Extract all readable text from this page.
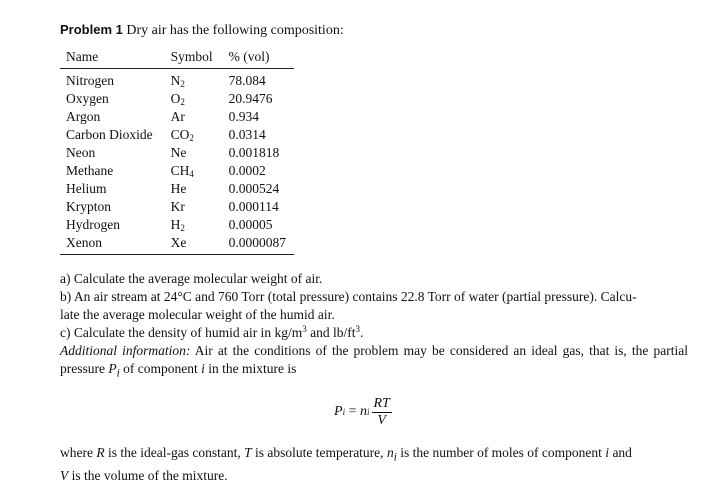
Problem 1 Dry air has the following composition:
Name	Symbol	% (vol)
Nitrogen	$N_2$	78.084
Oxygen	$O_2$	20.9476
Argon	Ar	0.934
Carbon Dioxide	$CO_2$	0.0314
Neon	Ne	0.001818
Methane	$CH_4$	0.0002
Helium	He	0.000524
Krypton	Kr	0.000114
Hydrogen	$H_2$	0.00005
Xenon	Xe	0.0000087
a) Calculate the average molecular weight of air.
b) An air stream at 24°C and 760 Torr (total pressure) contains 22.8 Torr of water (partial pressure). Calcu-
late the average molecular weight of the humid air.
c) Calculate the density of humid air in $kg/m^3$ and $lb/ft^3$.
Additional information: Air at the conditions of the problem may be considered an ideal gas, that is, the partial pressure $P_i$ of component i in the mixture is
P i = n i $\frac{RT}{V}$
where R is the ideal-gas constant, T is absolute temperature, $n_i$ is the number of moles of component i and
V is the volume of the mixture.
